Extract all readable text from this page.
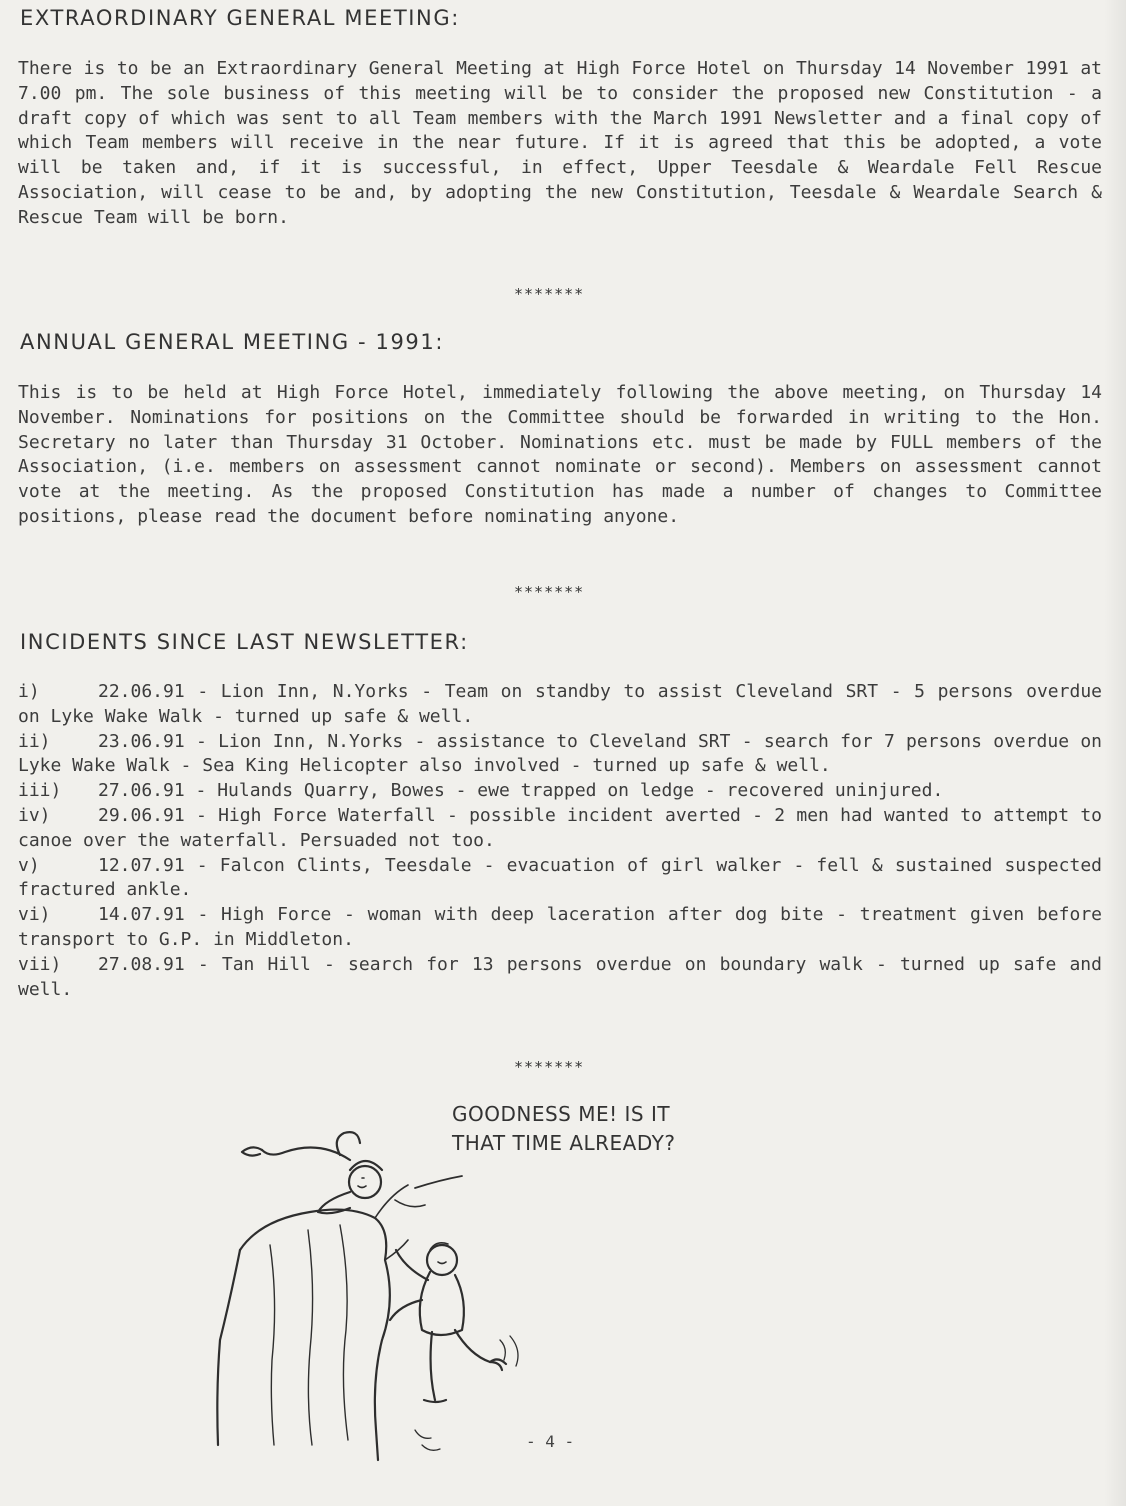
EXTRAORDINARY GENERAL MEETING:

There is to be an Extraordinary General Meeting at High Force Hotel on Thursday 14 November 1991 at 7.00 pm. The sole business of this meeting will be to consider the proposed new Constitution - a draft copy of which was sent to all Team members with the March 1991 Newsletter and a final copy of which Team members will receive in the near future. If it is agreed that this be adopted, a vote will be taken and, if it is successful, in effect, Upper Teesdale & Weardale Fell Rescue Association, will cease to be and, by adopting the new Constitution, Teesdale & Weardale Search & Rescue Team will be born.

*******
ANNUAL GENERAL MEETING - 1991:

This is to be held at High Force Hotel, immediately following the above meeting, on Thursday 14 November. Nominations for positions on the Committee should be forwarded in writing to the Hon. Secretary no later than Thursday 31 October. Nominations etc. must be made by FULL members of the Association, (i.e. members on assessment cannot nominate or second). Members on assessment cannot vote at the meeting. As the proposed Constitution has made a number of changes to Committee positions, please read the document before nominating anyone.

*******
INCIDENTS SINCE LAST NEWSLETTER:

i)	22.06.91 - Lion Inn, N.Yorks - Team on standby to assist Cleveland SRT - 5 persons overdue on Lyke Wake Walk - turned up safe & well.

ii)	23.06.91 - Lion Inn, N.Yorks - assistance to Cleveland SRT - search for 7 persons overdue on Lyke Wake Walk - Sea King Helicopter also involved - turned up safe & well.

iii) 27.06.91 - Hulands Quarry, Bowes - ewe trapped on ledge - recovered uninjured.

iv)	29.06.91 - High Force Waterfall - possible incident averted - 2 men had wanted to attempt to canoe over the waterfall. Persuaded not too.

v)	12.07.91 - Falcon Clints, Teesdale - evacuation of girl walker - fell & sustained suspected fractured ankle.

vi)	14.07.91 - High Force - woman with deep laceration after dog bite - treatment given before transport to G.P. in Middleton.

vii) 27.08.91 - Tan Hill - search for 13 persons overdue on boundary walk - turned up safe and well.

*******
GOODNESS ME! IS IT
THAT TIME ALREADY?
- 4 -
